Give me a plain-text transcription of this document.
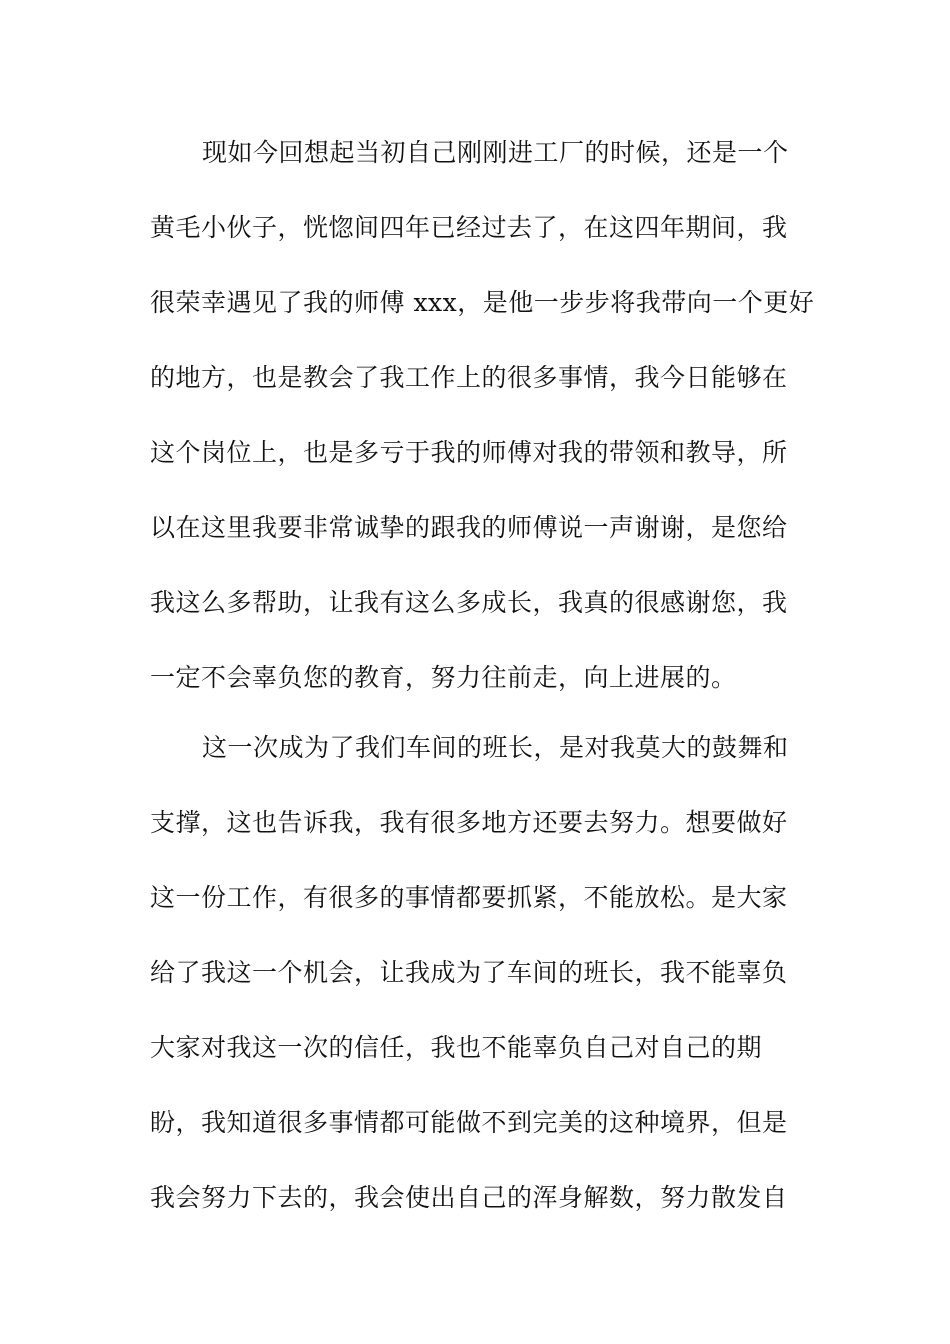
现如今回想起当初自己刚刚进工厂的时候，还是一个
黄毛小伙子，恍惚间四年已经过去了，在这四年期间，我
很荣幸遇见了我的师傅 xxx，是他一步步将我带向一个更好
的地方，也是教会了我工作上的很多事情，我今日能够在
这个岗位上，也是多亏于我的师傅对我的带领和教导，所
以在这里我要非常诚挚的跟我的师傅说一声谢谢，是您给
我这么多帮助，让我有这么多成长，我真的很感谢您，我
一定不会辜负您的教育，努力往前走，向上进展的。
这一次成为了我们车间的班长，是对我莫大的鼓舞和
支撑，这也告诉我，我有很多地方还要去努力。想要做好
这一份工作，有很多的事情都要抓紧，不能放松。是大家
给了我这一个机会，让我成为了车间的班长，我不能辜负
大家对我这一次的信任，我也不能辜负自己对自己的期
盼，我知道很多事情都可能做不到完美的这种境界，但是
我会努力下去的，我会使出自己的浑身解数，努力散发自
